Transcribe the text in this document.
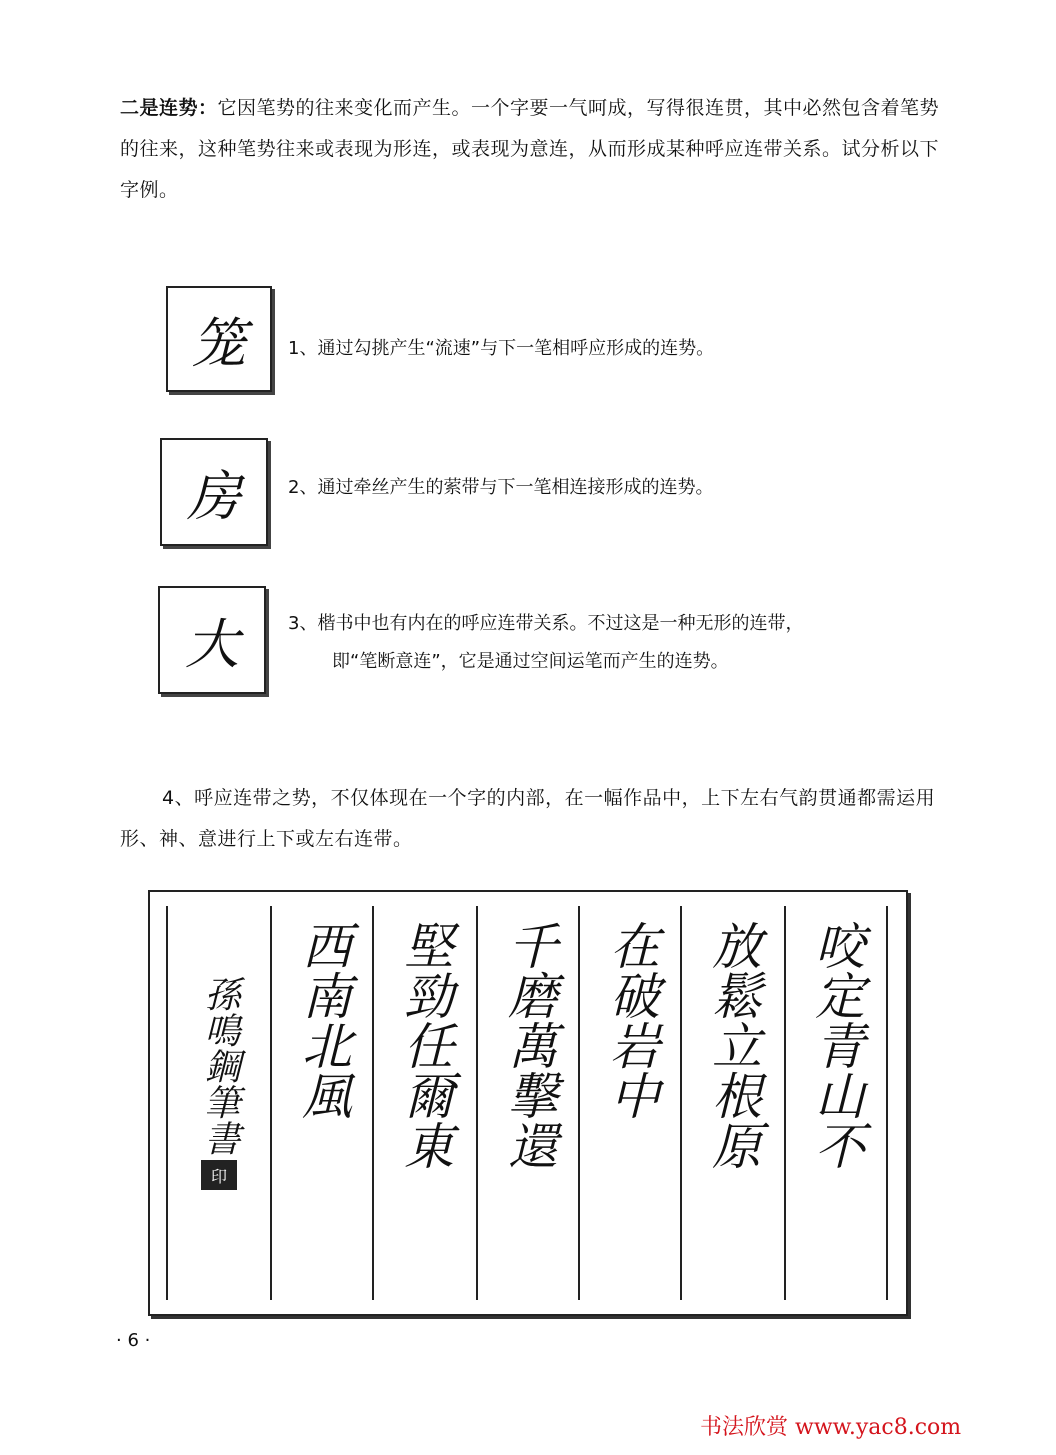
二是连势：它因笔势的往来变化而产生。一个字要一气呵成，写得很连贯，其中必然包含着笔势的往来，这种笔势往来或表现为形连，或表现为意连，从而形成某种呼应连带关系。试分析以下字例。
笼	1、通过勾挑产生“流速”与下一笔相呼应形成的连势。
房	2、通过牵丝产生的萦带与下一笔相连接形成的连势。
大	3、楷书中也有内在的呼应连带关系。不过这是一种无形的连带，
即“笔断意连”，它是通过空间运笔而产生的连势。
4、呼应连带之势，不仅体现在一个字的内部，在一幅作品中，上下左右气韵贯通都需运用形、神、意进行上下或左右连带。
孫鳴鋼筆書
印
西南北風 堅勁任爾東 千磨萬擊還 在破岩中 放鬆立根原 咬定青山不
· 6 ·
书法欣赏 www.yac8.com
